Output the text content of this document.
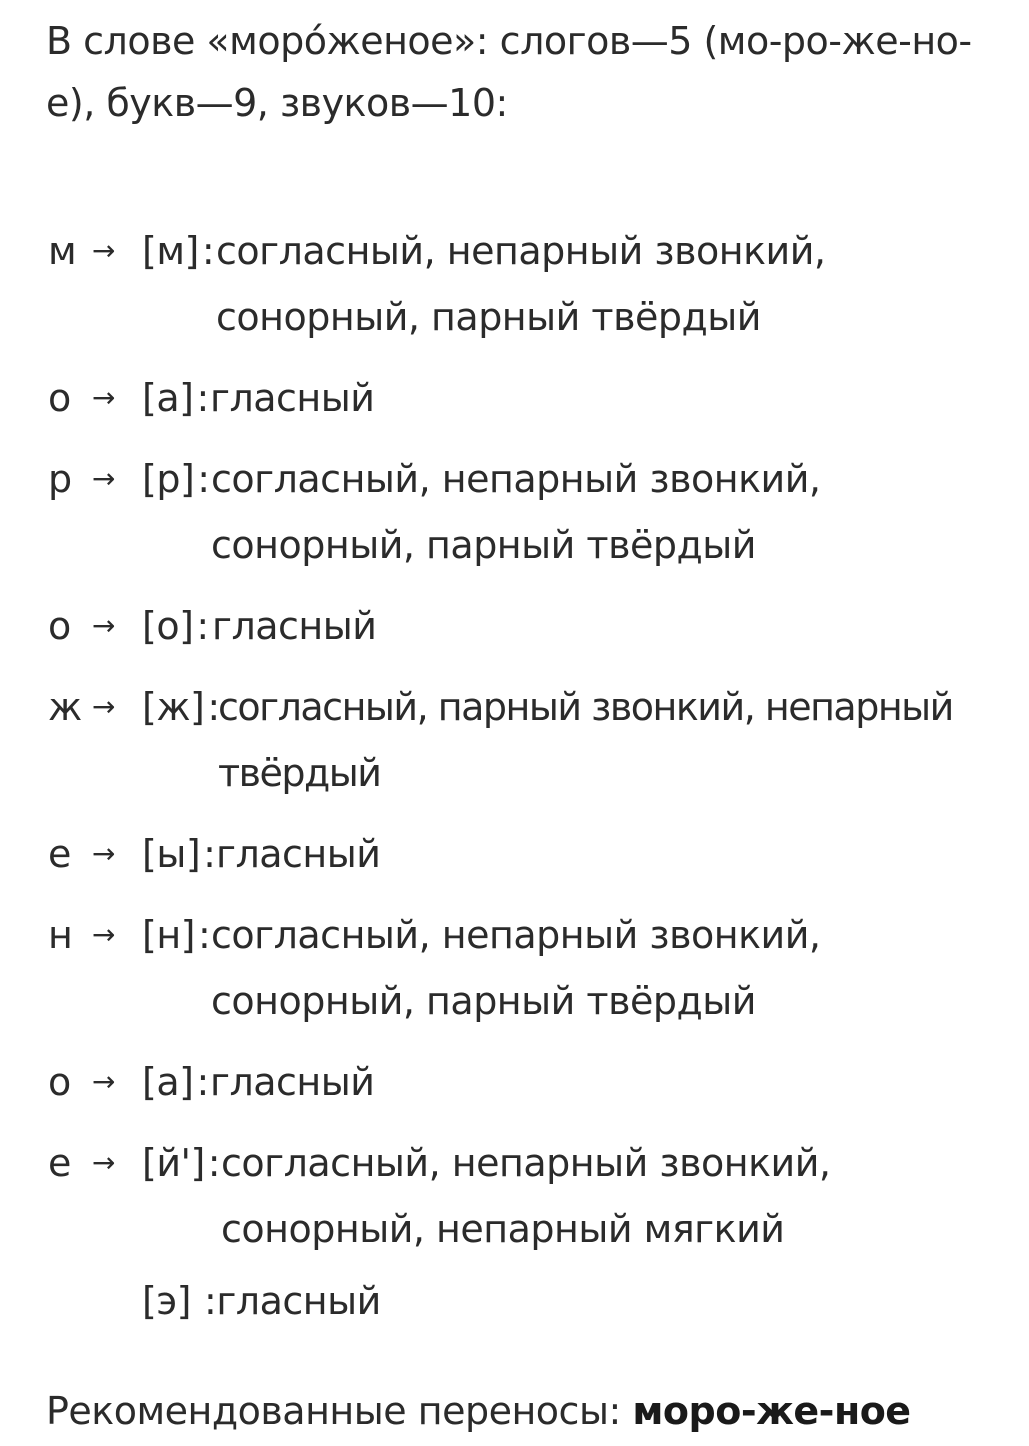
В слове «моро́женое»: слогов—5 (мо-ро-же-но-
е), букв—9, звуков—10:
м → [м]: согласный, непарный звонкий,
сонорный, парный твёрдый
о → [а]: гласный
р → [р]: согласный, непарный звонкий,
сонорный, парный твёрдый
о → [о]: гласный
ж → [ж]:
согласный, парный звонкий, непарный
твёрдый
е → [ы]: гласный
н → [н]: согласный, непарный звонкий,
сонорный, парный твёрдый
о → [а]: гласный
е → [й']: согласный, непарный звонкий,
сонорный, непарный мягкий
[э] :гласный
Рекомендованные переносы: моро-же-ное
